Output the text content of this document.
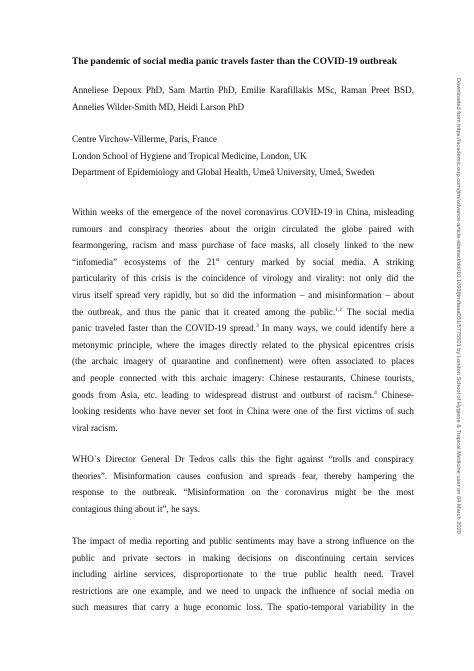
The pandemic of social media panic travels faster than the COVID-19 outbreak
Anneliese Depoux PhD, Sam Martin PhD, Emilie Karafillakis MSc, Raman Preet BSD,
Annelies Wilder-Smith MD, Heidi Larson PhD
Centre Virchow-Villerme, Paris, France
London School of Hygiene and Tropical Medicine, London, UK
Department of Epidemiology and Global Health, Umeå University, Umeå, Sweden
Within weeks of the emergence of the novel coronavirus COVID-19 in China, misleading
rumours and conspiracy theories about the origin circulated the globe paired with
fearmongering, racism and mass purchase of face masks, all closely linked to the new
“infomedia” ecosystems of the 21st century marked by social media. A striking
particularity of this crisis is the coincidence of virology and virality: not only did the
virus itself spread very rapidly, but so did the information – and misinformation – about
the outbreak, and thus the panic that it created among the public.$^{1,2}$ The social media
panic traveled faster than the COVID-19 spread.$^3$ In many ways, we could identify here a
metonymic principle, where the images directly related to the physical epicentres crisis
(the archaic imagery of quarantine and confinement) were often associated to places
and people connected with this archaic imagery: Chinese restaurants, Chinese tourists,
goods from Asia, etc. leading to widespread distrust and outburst of racism.$^4$ Chinese-
looking residents who have never set foot in China were one of the first victims of such
viral racism.
WHO`s Director General Dr Tedros calls this the fight against “trolls and conspiracy
theories”. Misinformation causes confusion and spreads fear, thereby hampering the
response to the outbreak. “Misinformation on the coronavirus might be the most
contagious thing about it”, he says.
The impact of media reporting and public sentiments may have a strong influence on the
public and private sectors in making decisions on discontinuing certain services
including airline services, disproportionate to the true public health need. Travel
restrictions are one example, and we need to unpack the influence of social media on
such measures that carry a huge economic loss. The spatio-temporal variability in the
Downloaded from https://academic.oup.com/jtm/advance-article-abstract/doi/10.1093/jtm/taaa031/5775501 by London School of Hygiene & Tropical Medicine user on 04 March 2020
